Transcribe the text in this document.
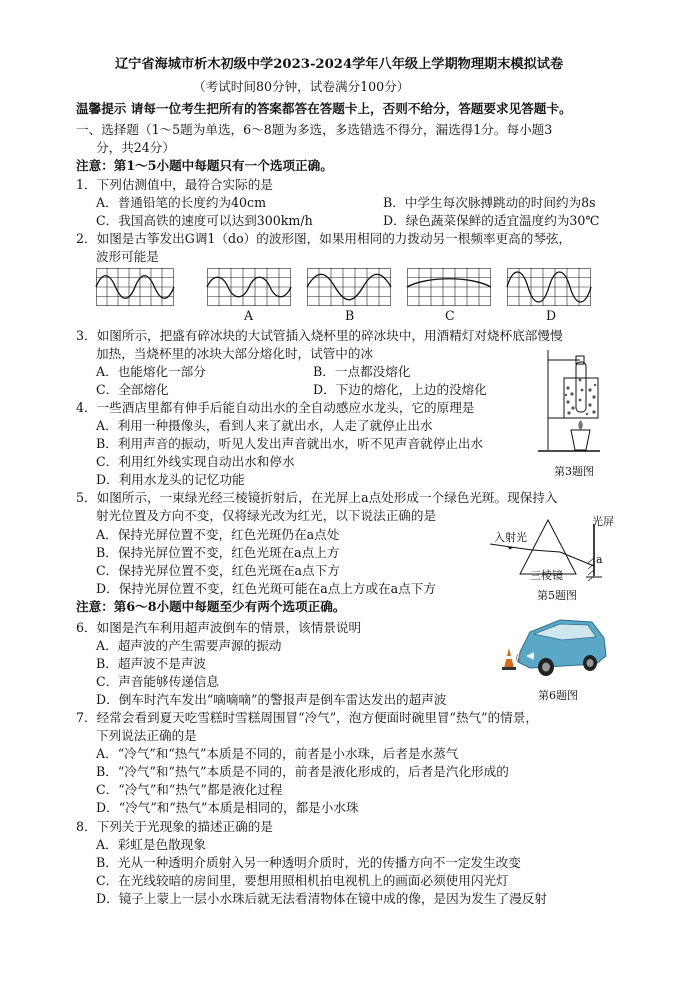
辽宁省海城市析木初级中学2023-2024学年八年级上学期物理期末模拟试卷
（考试时间80分钟，试卷满分100分）
温馨提示 请每一位考生把所有的答案都答在答题卡上，否则不给分，答题要求见答题卡。
一、选择题（1～5题为单选，6～8题为多选，多选错选不得分，漏选得1分。每小题3
分，共24分）
注意：第1～5小题中每题只有一个选项正确。
1．下列估测值中，最符合实际的是
A．普通铅笔的长度约为40cm	B．中学生每次脉搏跳动的时间约为8s
C．我国高铁的速度可以达到300km/h	D．绿色蔬菜保鲜的适宜温度约为30℃
2．如图是古筝发出G调1（do）的波形图，如果用相同的力拨动另一根频率更高的琴弦，
波形可能是
A	B	C	D
3．如图所示，把盛有碎冰块的大试管插入烧杯里的碎冰块中，用酒精灯对烧杯底部慢慢
加热，当烧杯里的冰块大部分熔化时，试管中的冰
A．也能熔化一部分	B．一点都没熔化
C．全部熔化	D．下边的熔化，上边的没熔化
第3题图
4．一些酒店里都有伸手后能自动出水的全自动感应水龙头，它的原理是
A．利用一种摄像头，看到人来了就出水，人走了就停止出水
B．利用声音的振动，听见人发出声音就出水，听不见声音就停止出水
C．利用红外线实现自动出水和停水
D．利用水龙头的记忆功能
5．如图所示，一束绿光经三棱镜折射后，在光屏上a点处形成一个绿色光斑。现保持入
射光位置及方向不变，仅将绿光改为红光，以下说法正确的是
A．保持光屏位置不变，红色光斑仍在a点处
B．保持光屏位置不变，红色光斑在a点上方
C．保持光屏位置不变，红色光斑在a点下方
D．保持光屏位置不变，红色光斑可能在a点上方或在a点下方
入射光
光屏
三棱镜
a
第5题图
注意：第6～8小题中每题至少有两个选项正确。
6．如图是汽车利用超声波倒车的情景，该情景说明
A．超声波的产生需要声源的振动
B．超声波不是声波
C．声音能够传递信息
D．倒车时汽车发出“嘀嘀嘀”的警报声是倒车雷达发出的超声波	第6题图
7．经常会看到夏天吃雪糕时雪糕周围冒“冷气”，泡方便面时碗里冒“热气”的情景，
下列说法正确的是
A．“冷气”和“热气”本质是不同的，前者是小水珠，后者是水蒸气
B．“冷气”和“热气”本质是不同的，前者是液化形成的，后者是汽化形成的
C．“冷气”和“热气”都是液化过程
D．“冷气”和“热气”本质是相同的，都是小水珠
8．下列关于光现象的描述正确的是
A．彩虹是色散现象
B．光从一种透明介质射入另一种透明介质时，光的传播方向不一定发生改变
C．在光线较暗的房间里，要想用照相机拍电视机上的画面必须使用闪光灯
D．镜子上蒙上一层小水珠后就无法看清物体在镜中成的像，是因为发生了漫反射
